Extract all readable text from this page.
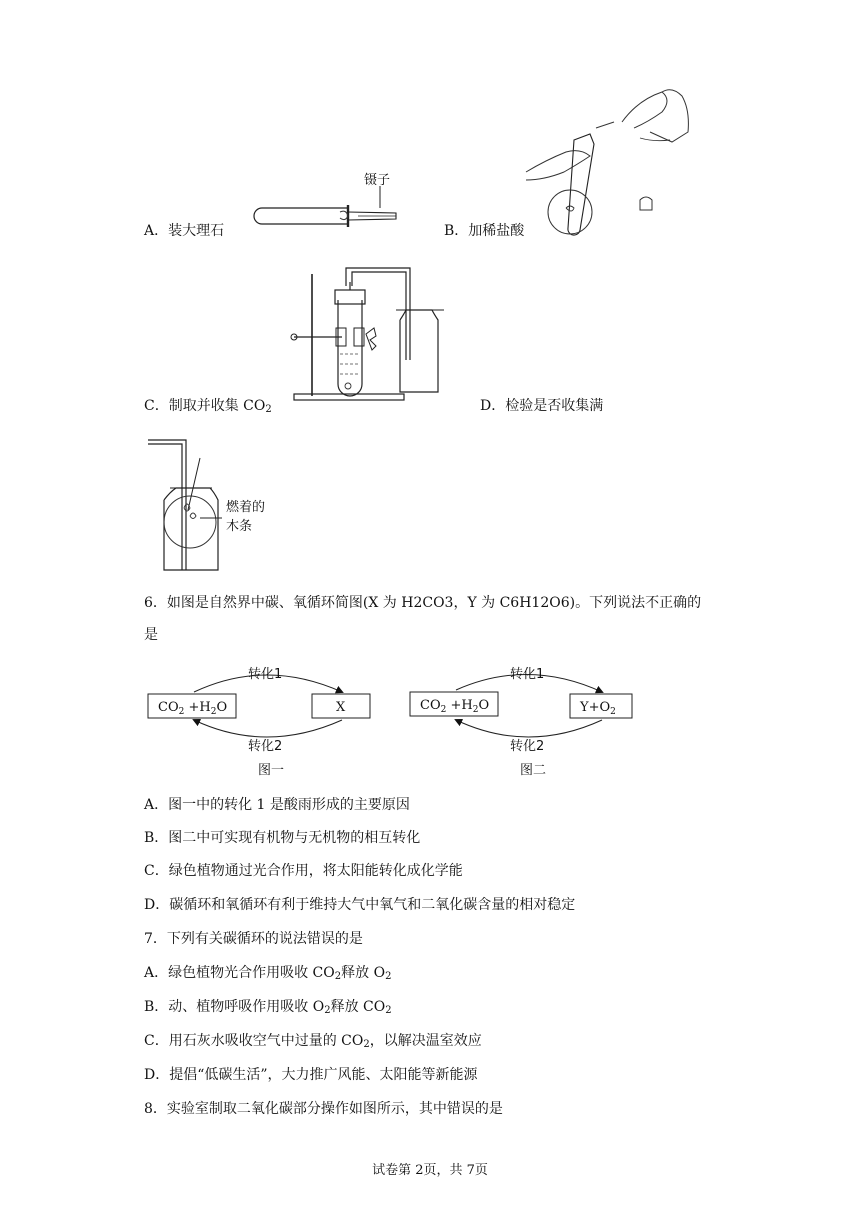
镊子
A．装大理石	B．加稀盐酸
C．制取并收集 $CO_2$	D．检验是否收集满
燃着的
木条
6．如图是自然界中碳、氧循环简图(X 为 H2CO3，Y 为 C6H12O6)。下列说法不正确的
是
$CO_2 +H_2O$	X
转化1
转化2
图一
$CO_2 +H_2O$	$Y+O_2$
转化1
转化2
图二
A．图一中的转化 1 是酸雨形成的主要原因
B．图二中可实现有机物与无机物的相互转化
C．绿色植物通过光合作用，将太阳能转化成化学能
D．碳循环和氧循环有利于维持大气中氧气和二氧化碳含量的相对稳定
7．下列有关碳循环的说法错误的是
A．绿色植物光合作用吸收 $CO_2$释放 $O_2$
B．动、植物呼吸作用吸收 $O_2$释放 $CO_2$
C．用石灰水吸收空气中过量的 $CO_2$，以解决温室效应
D．提倡“低碳生活”，大力推广风能、太阳能等新能源
8．实验室制取二氧化碳部分操作如图所示，其中错误的是
试卷第 2页，共 7页
